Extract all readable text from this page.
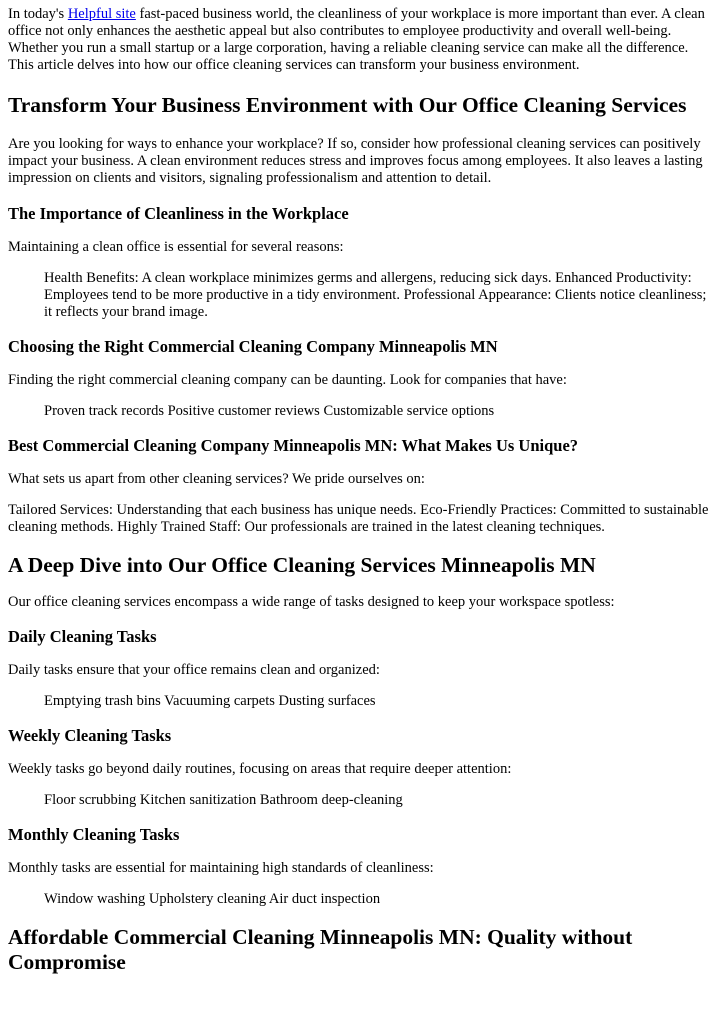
In today's Helpful site fast-paced business world, the cleanliness of your workplace is more important than ever. A clean office not only enhances the aesthetic appeal but also contributes to employee productivity and overall well-being. Whether you run a small startup or a large corporation, having a reliable cleaning service can make all the difference. This article delves into how our office cleaning services can transform your business environment.

Transform Your Business Environment with Our Office Cleaning Services

Are you looking for ways to enhance your workplace? If so, consider how professional cleaning services can positively impact your business. A clean environment reduces stress and improves focus among employees. It also leaves a lasting impression on clients and visitors, signaling professionalism and attention to detail.

The Importance of Cleanliness in the Workplace

Maintaining a clean office is essential for several reasons:

Health Benefits: A clean workplace minimizes germs and allergens, reducing sick days. Enhanced Productivity: Employees tend to be more productive in a tidy environment. Professional Appearance: Clients notice cleanliness; it reflects your brand image.

Choosing the Right Commercial Cleaning Company Minneapolis MN

Finding the right commercial cleaning company can be daunting. Look for companies that have:

Proven track records Positive customer reviews Customizable service options

Best Commercial Cleaning Company Minneapolis MN: What Makes Us Unique?

What sets us apart from other cleaning services? We pride ourselves on:

Tailored Services: Understanding that each business has unique needs. Eco-Friendly Practices: Committed to sustainable cleaning methods. Highly Trained Staff: Our professionals are trained in the latest cleaning techniques.

A Deep Dive into Our Office Cleaning Services Minneapolis MN

Our office cleaning services encompass a wide range of tasks designed to keep your workspace spotless:

Daily Cleaning Tasks

Daily tasks ensure that your office remains clean and organized:

Emptying trash bins Vacuuming carpets Dusting surfaces

Weekly Cleaning Tasks

Weekly tasks go beyond daily routines, focusing on areas that require deeper attention:

Floor scrubbing Kitchen sanitization Bathroom deep-cleaning

Monthly Cleaning Tasks

Monthly tasks are essential for maintaining high standards of cleanliness:

Window washing Upholstery cleaning Air duct inspection

Affordable Commercial Cleaning Minneapolis MN: Quality without Compromise
